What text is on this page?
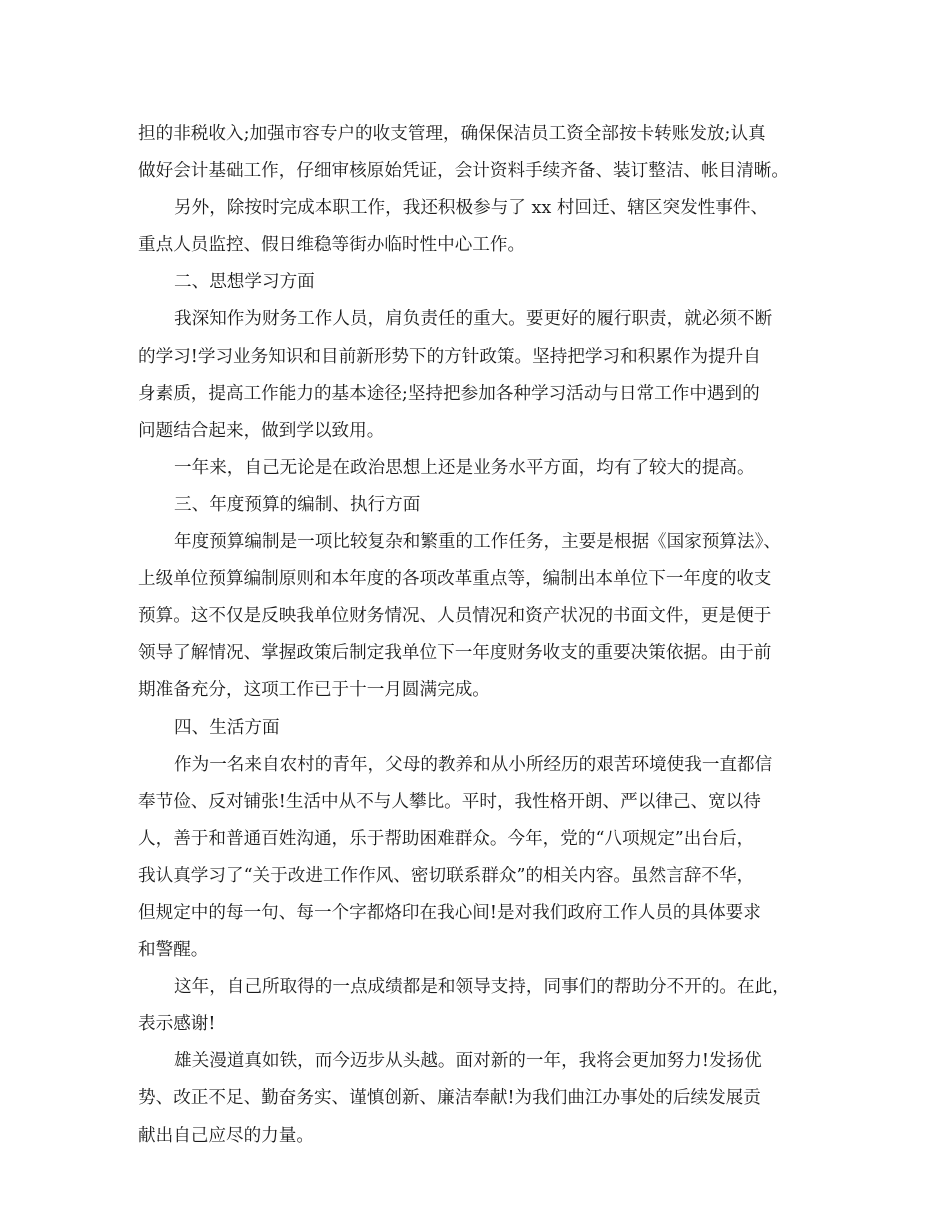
担的非税收入;加强市容专户的收支管理，确保保洁员工资全部按卡转账发放;认真
做好会计基础工作，仔细审核原始凭证，会计资料手续齐备、装订整洁、帐目清晰。
另外，除按时完成本职工作，我还积极参与了 xx 村回迁、辖区突发性事件、
重点人员监控、假日维稳等街办临时性中心工作。
二、思想学习方面
我深知作为财务工作人员，肩负责任的重大。要更好的履行职责，就必须不断
的学习!学习业务知识和目前新形势下的方针政策。坚持把学习和积累作为提升自
身素质，提高工作能力的基本途径;坚持把参加各种学习活动与日常工作中遇到的
问题结合起来，做到学以致用。
一年来，自己无论是在政治思想上还是业务水平方面，均有了较大的提高。
三、年度预算的编制、执行方面
年度预算编制是一项比较复杂和繁重的工作任务，主要是根据《国家预算法》、
上级单位预算编制原则和本年度的各项改革重点等，编制出本单位下一年度的收支
预算。这不仅是反映我单位财务情况、人员情况和资产状况的书面文件，更是便于
领导了解情况、掌握政策后制定我单位下一年度财务收支的重要决策依据。由于前
期准备充分，这项工作已于十一月圆满完成。
四、生活方面
作为一名来自农村的青年，父母的教养和从小所经历的艰苦环境使我一直都信
奉节俭、反对铺张!生活中从不与人攀比。平时，我性格开朗、严以律己、宽以待
人，善于和普通百姓沟通，乐于帮助困难群众。今年，党的“八项规定”出台后，
我认真学习了“关于改进工作作风、密切联系群众”的相关内容。虽然言辞不华，
但规定中的每一句、每一个字都烙印在我心间!是对我们政府工作人员的具体要求
和警醒。
这年，自己所取得的一点成绩都是和领导支持，同事们的帮助分不开的。在此，
表示感谢!
雄关漫道真如铁，而今迈步从头越。面对新的一年，我将会更加努力!发扬优
势、改正不足、勤奋务实、谨慎创新、廉洁奉献!为我们曲江办事处的后续发展贡
献出自己应尽的力量。
